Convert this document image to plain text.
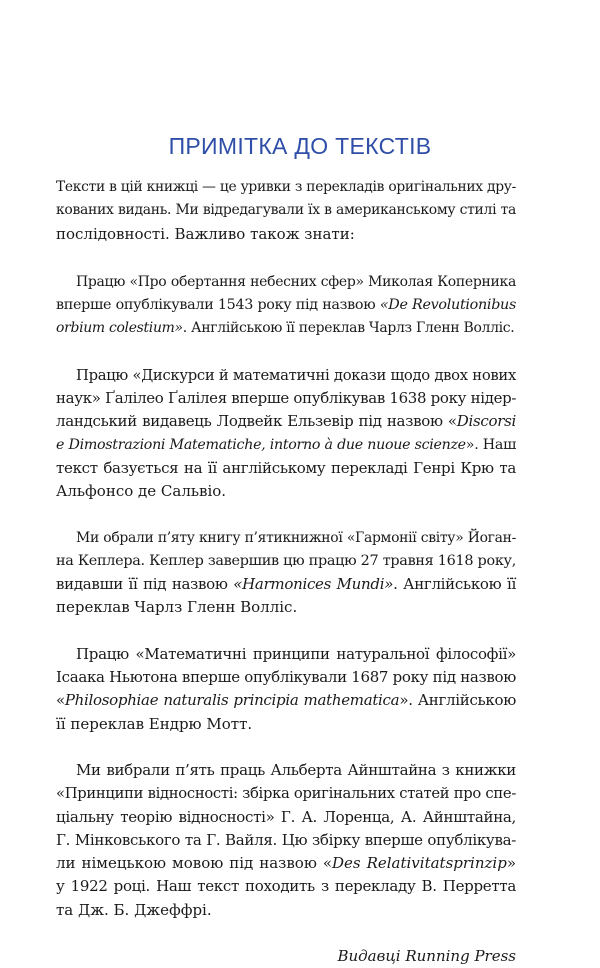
ПРИМІТКА ДО ТЕКСТІВ

Тексти в цій книжці — це уривки з перекладів оригінальних дру-
кованих видань. Ми відредагували їх в американському стилі та
послідовності. Важливо також знати:

Працю «Про обертання небесних сфер» Миколая Коперника
вперше опублікували 1543 року під назвою «De Revolutionibus
orbium colestium». Англійською її переклав Чарлз Гленн Волліс.

Працю «Дискурси й математичні докази щодо двох нових
наук» Ґалілео Ґалілея вперше опублікував 1638 року нідер-
ландський видавець Лодвейк Ельзевір під назвою «Discorsi
e Dimostrazioni Matematiche, intorno à due nuoue scienze». Наш
текст базується на її англійському перекладі Генрі Крю та
Альфонсо де Сальвіо.

Ми обрали п’яту книгу п’ятикнижної «Гармонії світу» Йоган-
на Кеплера. Кеплер завершив цю працю 27 травня 1618 року,
видавши її під назвою «Harmonices Mundi». Англійською її
переклав Чарлз Гленн Волліс.

Працю «Математичні принципи натуральної філософії»
Ісаака Ньютона вперше опублікували 1687 року під назвою
«Philosophiae naturalis principia mathematica». Англійською
її переклав Ендрю Мотт.

Ми вибрали п’ять праць Альберта Айнштайна з книжки
«Принципи відносності: збірка оригінальних статей про спе-
ціальну теорію відносності» Г. А. Лоренца, А. Айнштайна,
Г. Мінковського та Г. Вайля. Цю збірку вперше опублікува-
ли німецькою мовою під назвою «Des Relativitatsprinzip»
у 1922 році. Наш текст походить з перекладу В. Перретта
та Дж. Б. Джеффрі.

Видавці Running Press
